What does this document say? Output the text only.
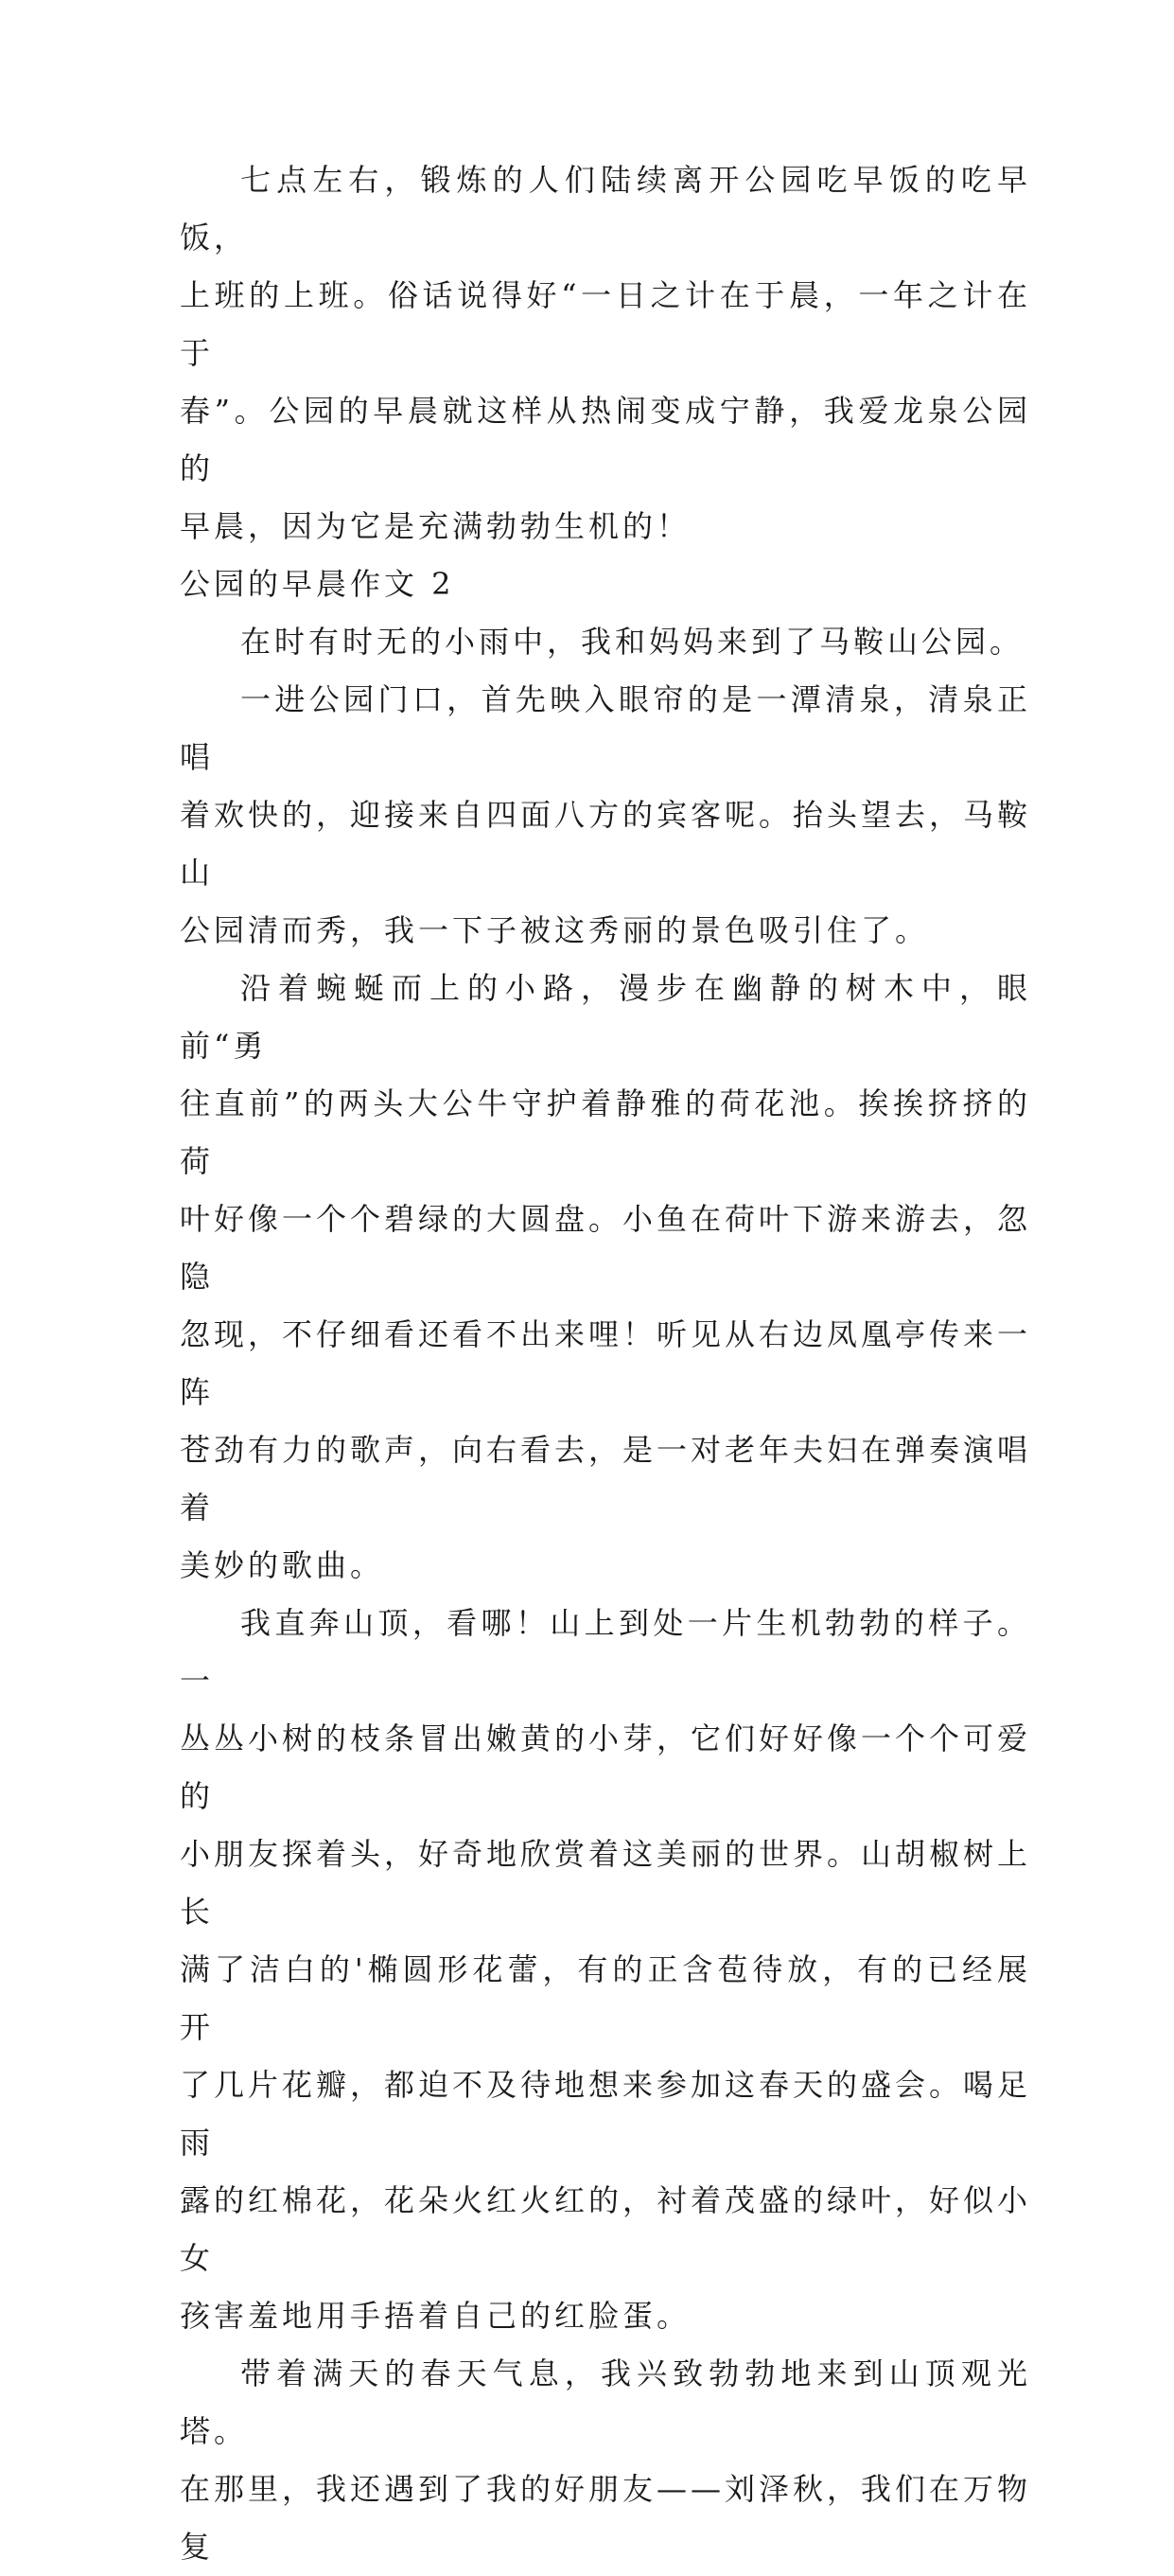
七点左右，锻炼的人们陆续离开公园吃早饭的吃早饭，
上班的上班。俗话说得好“一日之计在于晨，一年之计在于
春”。公园的早晨就这样从热闹变成宁静，我爱龙泉公园的
早晨，因为它是充满勃勃生机的！

公园的早晨作文 2

在时有时无的小雨中，我和妈妈来到了马鞍山公园。

一进公园门口，首先映入眼帘的是一潭清泉，清泉正唱
着欢快的，迎接来自四面八方的宾客呢。抬头望去，马鞍山
公园清而秀，我一下子被这秀丽的景色吸引住了。

沿着蜿蜒而上的小路，漫步在幽静的树木中，眼前“勇
往直前”的两头大公牛守护着静雅的荷花池。挨挨挤挤的荷
叶好像一个个碧绿的大圆盘。小鱼在荷叶下游来游去，忽隐
忽现，不仔细看还看不出来哩！听见从右边凤凰亭传来一阵
苍劲有力的歌声，向右看去，是一对老年夫妇在弹奏演唱着
美妙的歌曲。

我直奔山顶，看哪！山上到处一片生机勃勃的样子。一
丛丛小树的枝条冒出嫩黄的小芽，它们好好像一个个可爱的
小朋友探着头，好奇地欣赏着这美丽的世界。山胡椒树上长
满了洁白的'椭圆形花蕾，有的正含苞待放，有的已经展开
了几片花瓣，都迫不及待地想来参加这春天的盛会。喝足雨
露的红棉花，花朵火红火红的，衬着茂盛的绿叶，好似小女
孩害羞地用手捂着自己的红脸蛋。

带着满天的春天气息，我兴致勃勃地来到山顶观光塔。
在那里，我还遇到了我的好朋友——刘泽秋，我们在万物复
